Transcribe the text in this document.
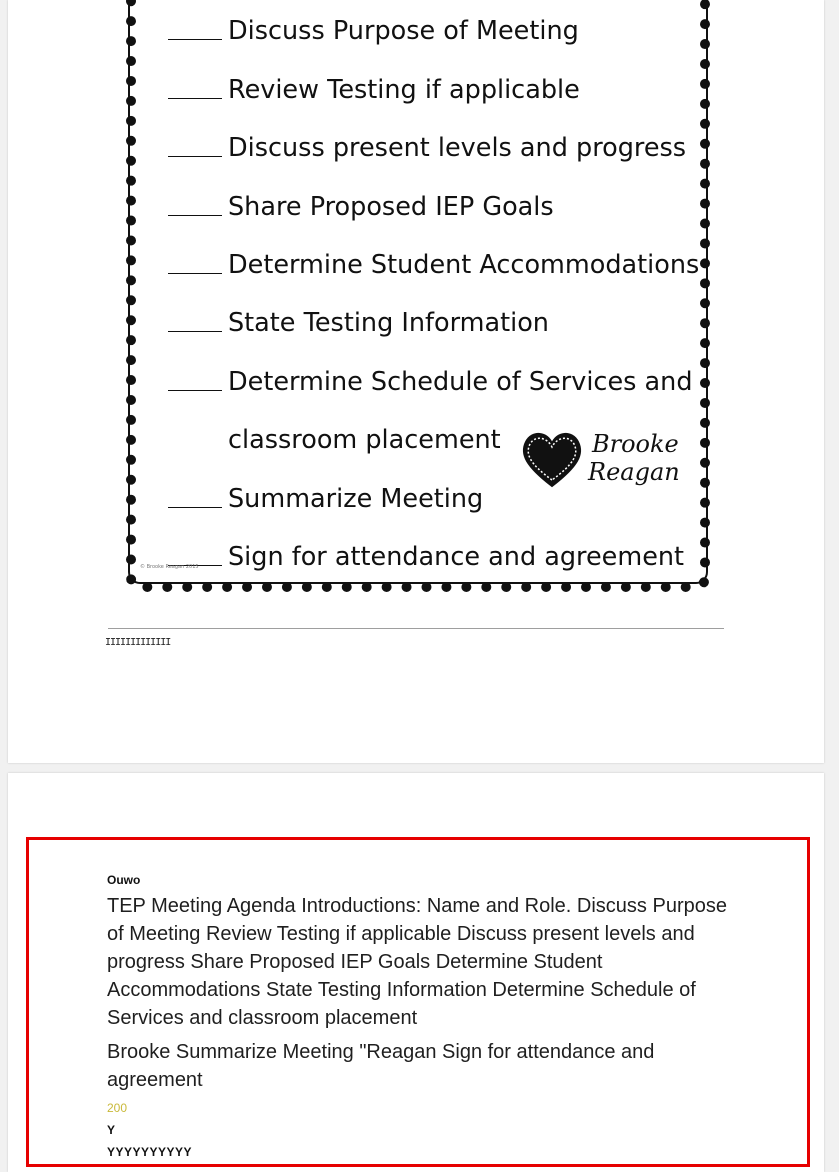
Discuss Purpose of Meeting
Review Testing if applicable
Discuss present levels and progress
Share Proposed IEP Goals
Determine Student Accommodations
State Testing Information
Determine Schedule of Services and
classroom placement
Summarize Meeting
Sign for attendance and agreement
Brooke
Reagan
© Brooke Reagan 2015
IIIIIIIIIIIII

Ouwo

TEP Meeting Agenda Introductions: Name and Role. Discuss Purpose of Meeting Review Testing if applicable Discuss present levels and progress Share Proposed IEP Goals Determine Student Accommodations State Testing Information Determine Schedule of Services and classroom placement

Brooke Summarize Meeting "Reagan Sign for attendance and agreement

200

Y

YYYYYYYYYY
